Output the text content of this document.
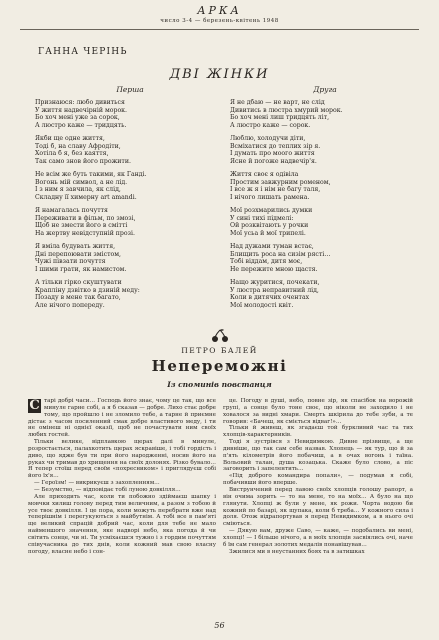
АРКА
число 3-4 — березень-квітень 1948
ГАННА ЧЕРІНЬ
ДВІ ЖІНКИ
Перша
Признаюся: любо дивиться
У життя надвечірній морок.
Бо хоч мені уже за сорок,
А люстро каже — тридцять.
Якби ще одне життя,
Тоді б, на славу Афродіти,
Хотіла б я, без каяття,
Так само знов його прожити.
Не всім же буть такими, як Ганді.
Вогонь мій символ, а не лід.
І з ним я завчила, як слід,
Складну її химерну art amandi.
Я намагалась почуття
Переживати в фільм, по змозі,
Щоб не змести його в смітті
На жертву невідступній прозі.
Я вміла будувать життя,
Дні перепоювати змістом,
Чужі півзати почуття
І шими грати, як намистом.
А тільки гірко скуштувати
Крапліну дзвітко в дзиній меду:
Позаду в мене так багато,
Але нічого попереду.
Друга
Я не дбаю — не варт, не слід
Дивитись в люстра хмурий морок.
Бо хоч мені лиш тридцять літ,
А люстро каже — сорок.
Люблю, холодучи діти,
Всміхатися до теплих зір я.
І думать про моого життя
Ясне й погоже надвечір'я.
Життя своє я одівіла
Простим завжурним роменом,
І все ж я і нім не багу таля,
І нічого лишать рамена.
Мої розхмарились думки
У сині тихі підмелі:
Ой розквітають у рочки
Мої усьа й мої трипелі.
Над дужами туман встає,
Блищить роса на сизім рясті…
Тобі віддам, дитя моє,
Не пережите мною щастя.
Нащо журитися, почекати,
У люстра неправитний лід,
Коли в дитячих очентах
Мої молодості квіт.
ПЕТРО БАЛЕЙ
Непереможні
Із споминів повстанця
С тарі добрі часи… Господь його знає, чому це так, що все минуле гарне собі, а я б сказав — добре. Лихо стає добре тому, що пройшло і не зломило тебе, а тарне й приємне дістає з часом посиленний смак добре властивого меду, і ти не омінеш ні однієї оказії, щоб не почастувати ним своїх любих гостей.

Тільки велике, відплавкою щерах далі в минуле, розростається, палахкотить щерах яскравіше, і тобі гордість і диво, що ядже був ти при його народженні, носив його на руках чи тримав до хрищення на своїх долонях. Різко бувало… Я тепер стоїш перед своїм «похресником» і приглядуєш собі його їх'я…

— Героїзм! — викрикуєш з захопленням…

— Безумство, — відповідає тобі луною довкілля…

Але приходить час, коли ти побожно здіймаєш шапку і мовчки хилиш голову перед тим величним, а разом з тобою й усе твоє довкілля. І це пора, коли можуть перебрати вже над теперішнім і перегукуються з майбутнім. А тобі все в пам'яті ще великий спрацій добрий час, коли для тебе не мало найменшого значення, яке надворі небо, яка погода й чи світить сонце, чи ні. Ти усміхаєшся тужно і з гордим почуттям співучасника до тих днів, коли кожний мав свою власну погоду, власне небо і сон-

це. Погоду в душі, небо, повне зір, як спасібок на ворожій групі, а сонце було тоне своє, що ніколи не заходило і не ховалося за видні хмари. Смерть шкірила до тебе зуби, а те говорив: «Бачеш, як сміється відваг!»…

Тільки й живеш, як згадаєш той буркливий час та тих хлопців-характерників.

Тоді я зустрівся з Невидимкою. Дивне прізвище, а ще дивніше, що так сам себе назвав. Хлопець — як тур, що й за п'ять кілометрів його побачиш, а в очах вогонь і таїна. Вольовий талан, душа козацька. Скаже було слово, а піс заговорить і запелентить…

«Під доброго командира попали», — подумав я собі, побачивши його вперше.

Виструнчений перед лавою своїх хлопців голошу рапорт, а він очима зорить — то на мене, то на моїх… А було на що глянути. Хлопці ж були у мене, як рожи. Чорта водою би кожний по базарі, як щупака, коли б треба… У кожного сила і доля. Отож відрапортував я перед Невидимком, а в нього очі сміються.

— Дякую вам, друже Саво, — каже, — подобались ви мені, хлопці! — І більше нічого, а в моїх хлопців засвіялись очі, наче б їм сам генерал золотих медалів понавішував…

Зжилися ми в неустанних боях та в затишках

56
